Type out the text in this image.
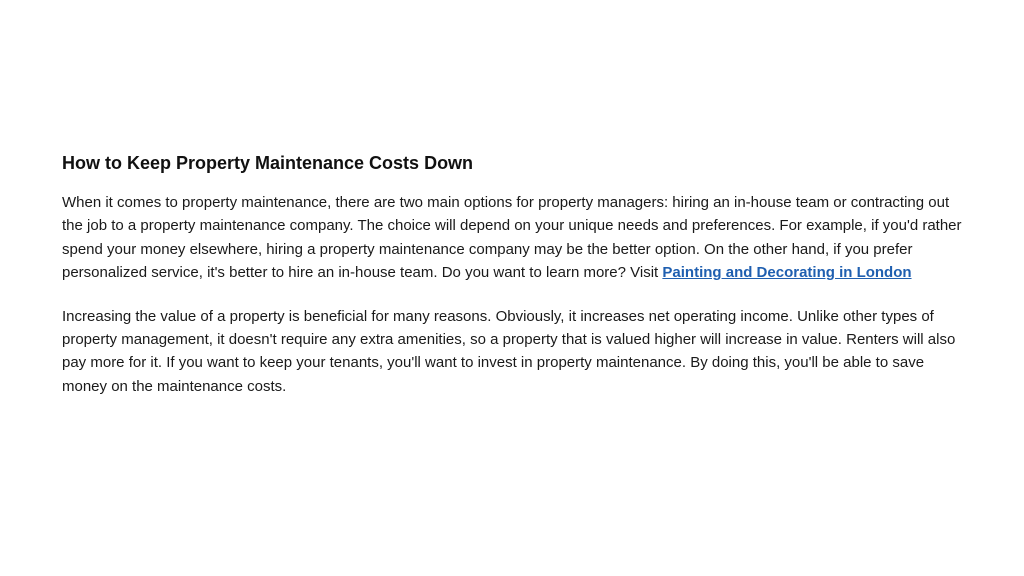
How to Keep Property Maintenance Costs Down

When it comes to property maintenance, there are two main options for property managers: hiring an in-house team or contracting out the job to a property maintenance company. The choice will depend on your unique needs and preferences. For example, if you'd rather spend your money elsewhere, hiring a property maintenance company may be the better option. On the other hand, if you prefer personalized service, it's better to hire an in-house team. Do you want to learn more? Visit Painting and Decorating in London

Increasing the value of a property is beneficial for many reasons. Obviously, it increases net operating income. Unlike other types of property management, it doesn't require any extra amenities, so a property that is valued higher will increase in value. Renters will also pay more for it. If you want to keep your tenants, you'll want to invest in property maintenance. By doing this, you'll be able to save money on the maintenance costs.
